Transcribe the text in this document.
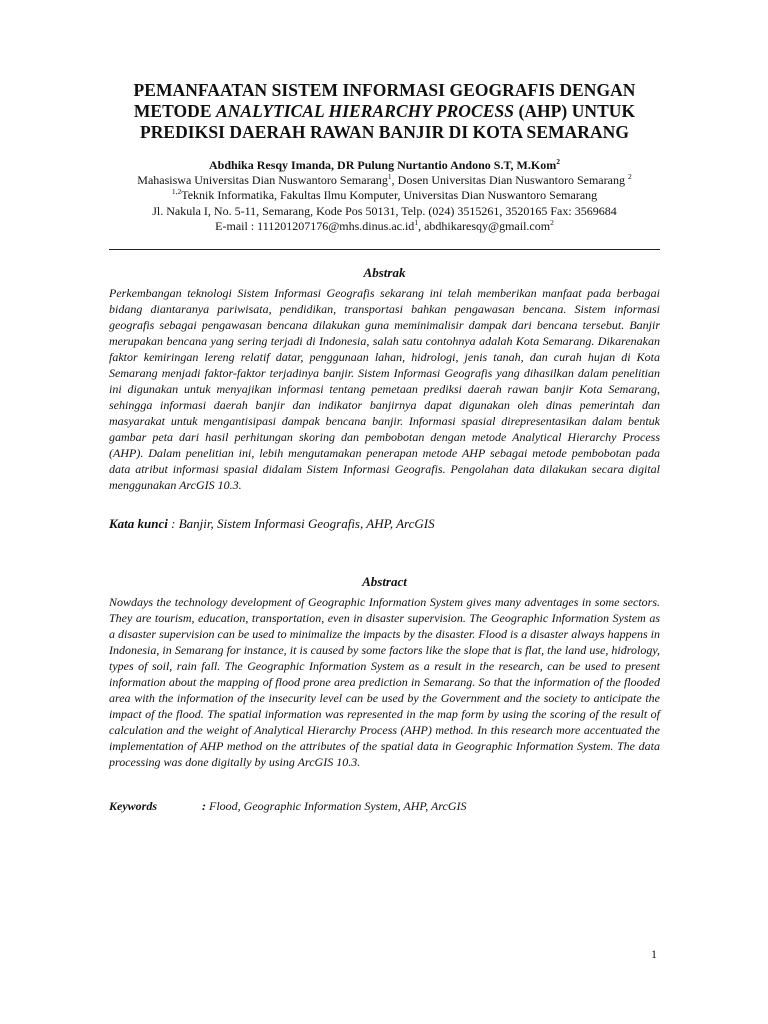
PEMANFAATAN SISTEM INFORMASI GEOGRAFIS DENGAN
METODE ANALYTICAL HIERARCHY PROCESS (AHP) UNTUK
PREDIKSI DAERAH RAWAN BANJIR DI KOTA SEMARANG
Abdhika Resqy Imanda, DR Pulung Nurtantio Andono S.T, M.Kom$^2$
Mahasiswa Universitas Dian Nuswantoro Semarang$^1$, Dosen Universitas Dian Nuswantoro Semarang $^2$
$^{1,2}$Teknik Informatika, Fakultas Ilmu Komputer, Universitas Dian Nuswantoro Semarang
Jl. Nakula I, No. 5-11, Semarang, Kode Pos 50131, Telp. (024) 3515261, 3520165 Fax: 3569684
E-mail : $111201207176@mhs.dinus.ac.id^1$, abdhikaresqy@gmail.com$^2$
Abstrak
Perkembangan teknologi Sistem Informasi Geografis sekarang ini telah memberikan manfaat pada berbagai bidang diantaranya pariwisata, pendidikan, transportasi bahkan pengawasan bencana. Sistem informasi geografis sebagai pengawasan bencana dilakukan guna meminimalisir dampak dari bencana tersebut. Banjir merupakan bencana yang sering terjadi di Indonesia, salah satu contohnya adalah Kota Semarang. Dikarenakan faktor kemiringan lereng relatif datar, penggunaan lahan, hidrologi, jenis tanah, dan curah hujan di Kota Semarang menjadi faktor-faktor terjadinya banjir. Sistem Informasi Geografis yang dihasilkan dalam penelitian ini digunakan untuk menyajikan informasi tentang pemetaan prediksi daerah rawan banjir Kota Semarang, sehingga informasi daerah banjir dan indikator banjirnya dapat digunakan oleh dinas pemerintah dan masyarakat untuk mengantisipasi dampak bencana banjir. Informasi spasial direpresentasikan dalam bentuk gambar peta dari hasil perhitungan skoring dan pembobotan dengan metode Analytical Hierarchy Process (AHP). Dalam penelitian ini, lebih mengutamakan penerapan metode AHP sebagai metode pembobotan pada data atribut informasi spasial didalam Sistem Informasi Geografis. Pengolahan data dilakukan secara digital menggunakan ArcGIS 10.3.
Kata kunci : Banjir, Sistem Informasi Geografis, AHP, ArcGIS
Abstract
Nowdays the technology development of Geographic Information System gives many adventages in some sectors. They are tourism, education, transportation, even in disaster supervision. The Geographic Information System as a disaster supervision can be used to minimalize the impacts by the disaster. Flood is a disaster always happens in Indonesia, in Semarang for instance, it is caused by some factors like the slope that is flat, the land use, hidrology, types of soil, rain fall. The Geographic Information System as a result in the research, can be used to present information about the mapping of flood prone area prediction in Semarang. So that the information of the flooded area with the information of the insecurity level can be used by the Government and the society to anticipate the impact of the flood. The spatial information was represented in the map form by using the scoring of the result of calculation and the weight of Analytical Hierarchy Process (AHP) method. In this research more accentuated the implementation of AHP method on the attributes of the spatial data in Geographic Information System. The data processing was done digitally by using ArcGIS 10.3.
Keywords	: Flood, Geographic Information System, AHP, ArcGIS
1
